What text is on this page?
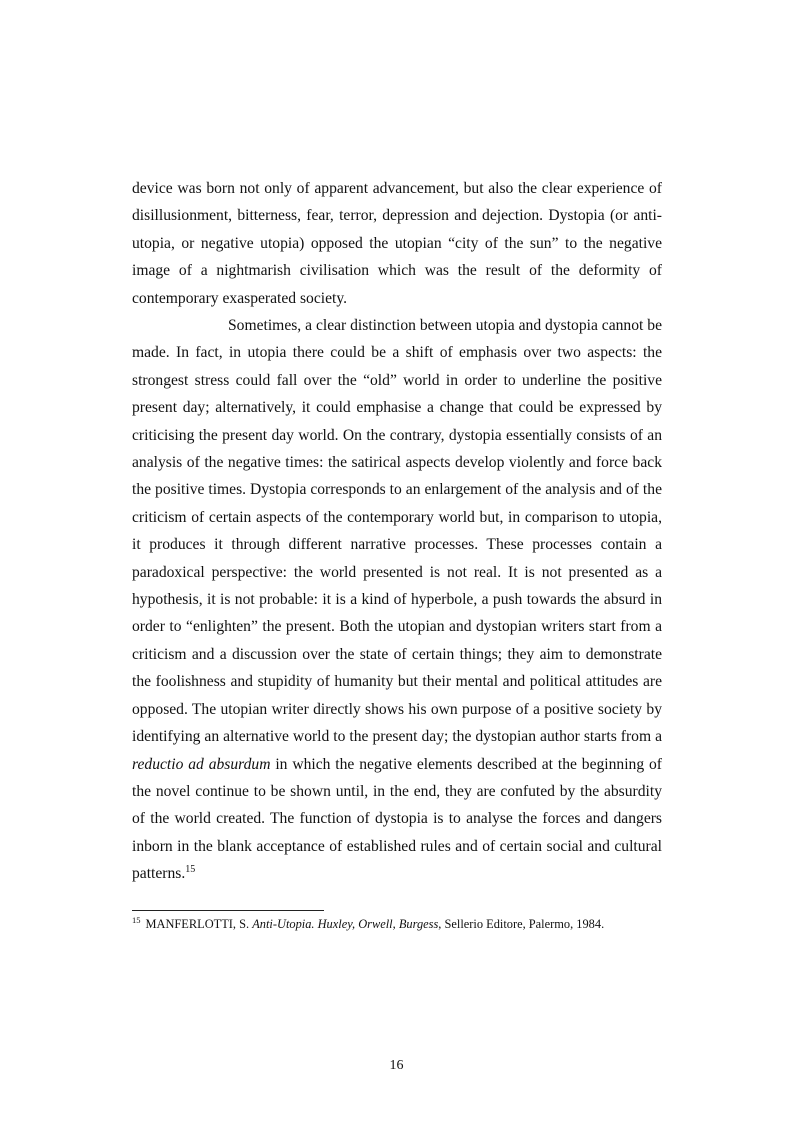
device was born not only of apparent advancement, but also the clear experience of disillusionment, bitterness, fear, terror, depression and dejection. Dystopia (or anti-utopia, or negative utopia) opposed the utopian “city of the sun” to the negative image of a nightmarish civilisation which was the result of the deformity of contemporary exasperated society.

Sometimes, a clear distinction between utopia and dystopia cannot be made. In fact, in utopia there could be a shift of emphasis over two aspects: the strongest stress could fall over the “old” world in order to underline the positive present day; alternatively, it could emphasise a change that could be expressed by criticising the present day world. On the contrary, dystopia essentially consists of an analysis of the negative times: the satirical aspects develop violently and force back the positive times. Dystopia corresponds to an enlargement of the analysis and of the criticism of certain aspects of the contemporary world but, in comparison to utopia, it produces it through different narrative processes. These processes contain a paradoxical perspective: the world presented is not real. It is not presented as a hypothesis, it is not probable: it is a kind of hyperbole, a push towards the absurd in order to “enlighten” the present. Both the utopian and dystopian writers start from a criticism and a discussion over the state of certain things; they aim to demonstrate the foolishness and stupidity of humanity but their mental and political attitudes are opposed. The utopian writer directly shows his own purpose of a positive society by identifying an alternative world to the present day; the dystopian author starts from a reductio ad absurdum in which the negative elements described at the beginning of the novel continue to be shown until, in the end, they are confuted by the absurdity of the world created. The function of dystopia is to analyse the forces and dangers inborn in the blank acceptance of established rules and of certain social and cultural patterns.$^{15}$

$^{15}$ MANFERLOTTI, S. Anti-Utopia. Huxley, Orwell, Burgess, Sellerio Editore, Palermo, 1984.
16
